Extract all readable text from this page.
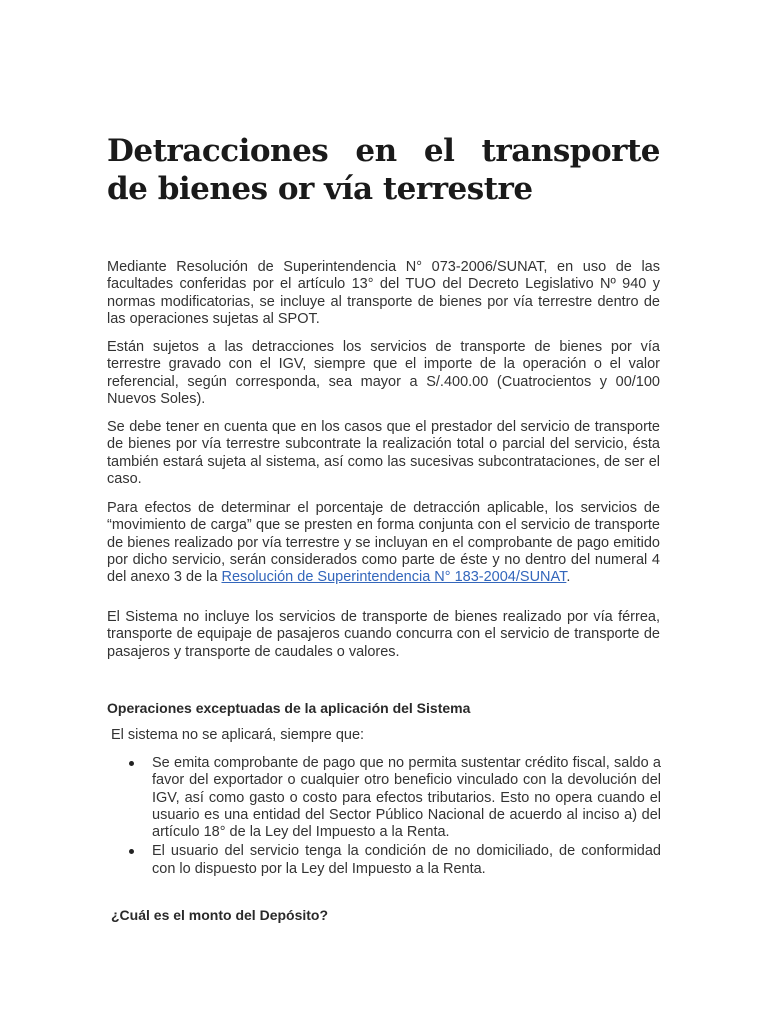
Detracciones en el transporte de bienes or vía terrestre

Mediante Resolución de Superintendencia N° 073-2006/SUNAT, en uso de las facultades conferidas por el artículo 13° del TUO del Decreto Legislativo Nº 940 y normas modificatorias, se incluye al transporte de bienes por vía terrestre dentro de las operaciones sujetas al SPOT.

Están sujetos a las detracciones los servicios de transporte de bienes por vía terrestre gravado con el IGV, siempre que el importe de la operación o el valor referencial, según corresponda, sea mayor a S/.400.00 (Cuatrocientos y 00/100 Nuevos Soles).

Se debe tener en cuenta que en los casos que el prestador del servicio de transporte de bienes por vía terrestre subcontrate la realización total o parcial del servicio, ésta también estará sujeta al sistema, así como las sucesivas subcontrataciones, de ser el caso.

Para efectos de determinar el porcentaje de detracción aplicable, los servicios de “movimiento de carga” que se presten en forma conjunta con el servicio de transporte de bienes realizado por vía terrestre y se incluyan en el comprobante de pago emitido por dicho servicio, serán considerados como parte de éste y no dentro del numeral 4 del anexo 3 de la Resolución de Superintendencia N° 183-2004/SUNAT.

El Sistema no incluye los servicios de transporte de bienes realizado por vía férrea, transporte de equipaje de pasajeros cuando concurra con el servicio de transporte de pasajeros y transporte de caudales o valores.

Operaciones exceptuadas de la aplicación del Sistema

El sistema no se aplicará, siempre que:

Se emita comprobante de pago que no permita sustentar crédito fiscal, saldo a favor del exportador o cualquier otro beneficio vinculado con la devolución del IGV, así como gasto o costo para efectos tributarios. Esto no opera cuando el usuario es una entidad del Sector Público Nacional de acuerdo al inciso a) del artículo 18° de la Ley del Impuesto a la Renta.
El usuario del servicio tenga la condición de no domiciliado, de conformidad con lo dispuesto por la Ley del Impuesto a la Renta.
¿Cuál es el monto del Depósito?
